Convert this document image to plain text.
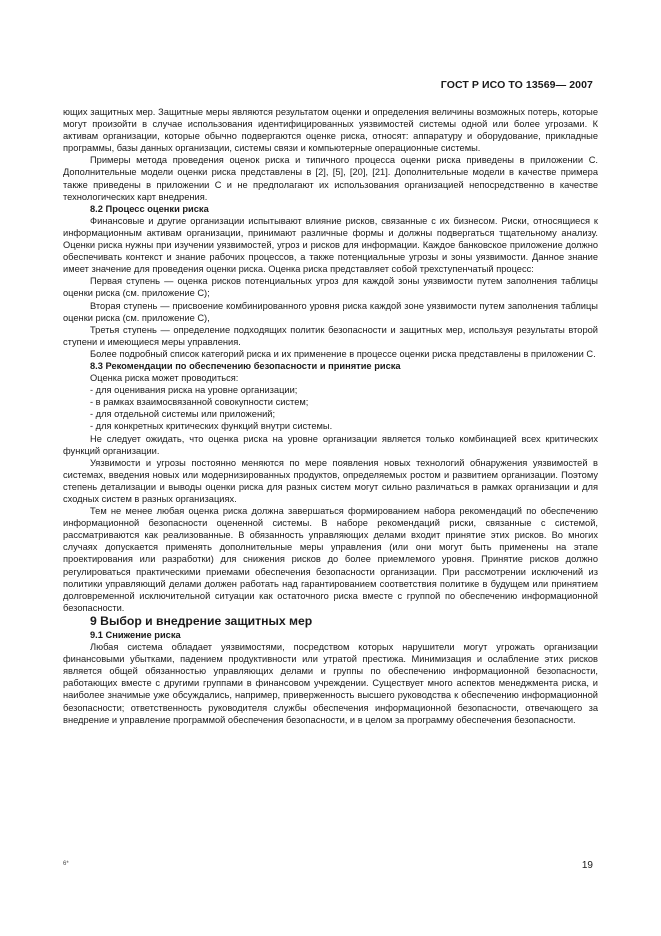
ГОСТ Р ИСО ТО 13569— 2007

ющих защитных мер. Защитные меры являются результатом оценки и определения величины возможных потерь, которые могут произойти в случае использования идентифицированных уязвимостей системы одной или более угрозами. К активам организации, которые обычно подвергаются оценке риска, относят: аппаратуру и оборудование, прикладные программы, базы данных организации, системы связи и компьютерные операционные системы.

Примеры метода проведения оценок риска и типичного процесса оценки риска приведены в приложении С. Дополнительные модели оценки риска представлены в [2], [5], [20], [21]. Дополнительные модели в качестве примера также приведены в приложении С и не предполагают их использования организацией непосредственно в качестве технологических карт внедрения.

8.2 Процесс оценки риска

Финансовые и другие организации испытывают влияние рисков, связанные с их бизнесом. Риски, относящиеся к информационным активам организации, принимают различные формы и должны подвергаться тщательному анализу. Оценки риска нужны при изучении уязвимостей, угроз и рисков для информации. Каждое банковское приложение должно обеспечивать контекст и знание рабочих процессов, а также потенциальные угрозы и зоны уязвимости. Данное знание имеет значение для проведения оценки риска. Оценка риска представляет собой трехступенчатый процесс:

Первая ступень — оценка рисков потенциальных угроз для каждой зоны уязвимости путем заполнения таблицы оценки риска (см. приложение С);

Вторая ступень — присвоение комбинированного уровня риска каждой зоне уязвимости путем заполнения таблицы оценки риска (см. приложение С),

Третья ступень — определение подходящих политик безопасности и защитных мер, используя результаты второй ступени и имеющиеся меры управления.

Более подробный список категорий риска и их применение в процессе оценки риска представлены в приложении С.

8.3 Рекомендации по обеспечению безопасности и принятие риска

Оценка риска может проводиться:

- для оценивания риска на уровне организации;

- в рамках взаимосвязанной совокупности систем;

- для отдельной системы или приложений;

- для конкретных критических функций внутри системы.

Не следует ожидать, что оценка риска на уровне организации является только комбинацией всех критических функций организации.

Уязвимости и угрозы постоянно меняются по мере появления новых технологий обнаружения уязвимостей в системах, введения новых или модернизированных продуктов, определяемых ростом и развитием организации. Поэтому степень детализации и выводы оценки риска для разных систем могут сильно различаться в рамках организации и для сходных систем в разных организациях.

Тем не менее любая оценка риска должна завершаться формированием набора рекомендаций по обеспечению информационной безопасности оцененной системы. В наборе рекомендаций риски, связанные с системой, рассматриваются как реализованные. В обязанность управляющих делами входит принятие этих рисков. Во многих случаях допускается применять дополнительные меры управления (или они могут быть применены на этапе проектирования или разработки) для снижения рисков до более приемлемого уровня. Принятие рисков должно регулироваться практическими приемами обеспечения безопасности организации. При рассмотрении исключений из политики управляющий делами должен работать над гарантированием соответствия политике в будущем или принятием долговременной исключительной ситуации как остаточного риска вместе с группой по обеспечению информационной безопасности.

9 Выбор и внедрение защитных мер

9.1 Снижение риска

Любая система обладает уязвимостями, посредством которых нарушители могут угрожать организации финансовыми убытками, падением продуктивности или утратой престижа. Минимизация и ослабление этих рисков является общей обязанностью управляющих делами и группы по обеспечению информационной безопасности, работающих вместе с другими группами в финансовом учреждении. Существует много аспектов менеджмента риска, и наиболее значимые уже обсуждались, например, приверженность высшего руководства к обеспечению информационной безопасности; ответственность руководителя службы обеспечения информационной безопасности, отвечающего за внедрение и управление программой обеспечения безопасности, и в целом за программу обеспечения безопасности.

6*	19
